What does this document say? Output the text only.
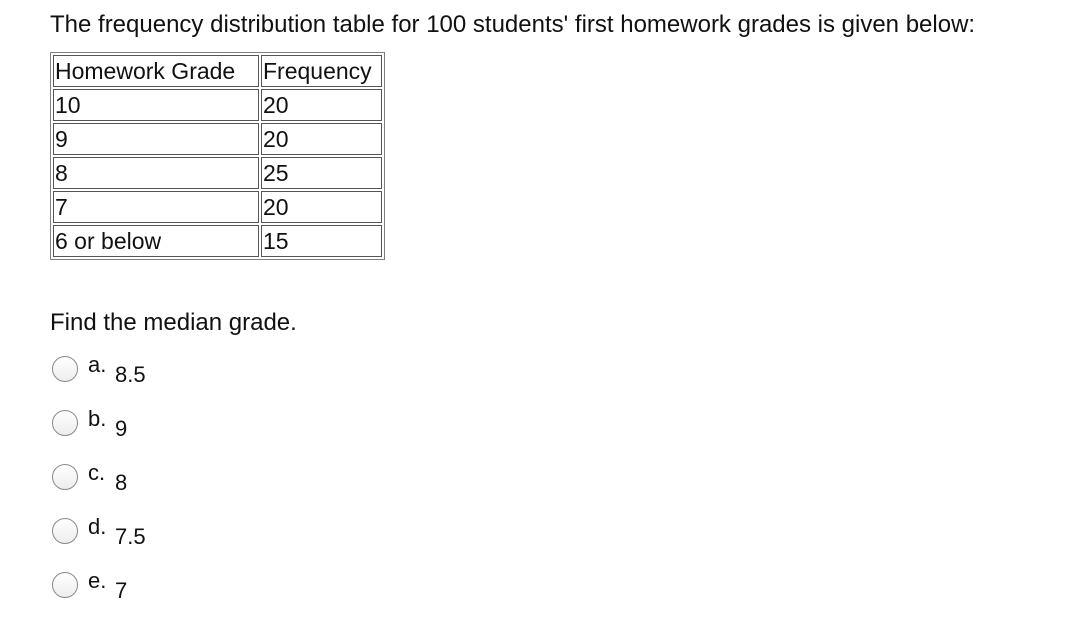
The frequency distribution table for 100 students' first homework grades is given below:
Homework Grade	Frequency
10	20
9	20
8	25
7	20
6 or below	15
Find the median grade.
a. 8.5
b. 9
c. 8
d. 7.5
e. 7
